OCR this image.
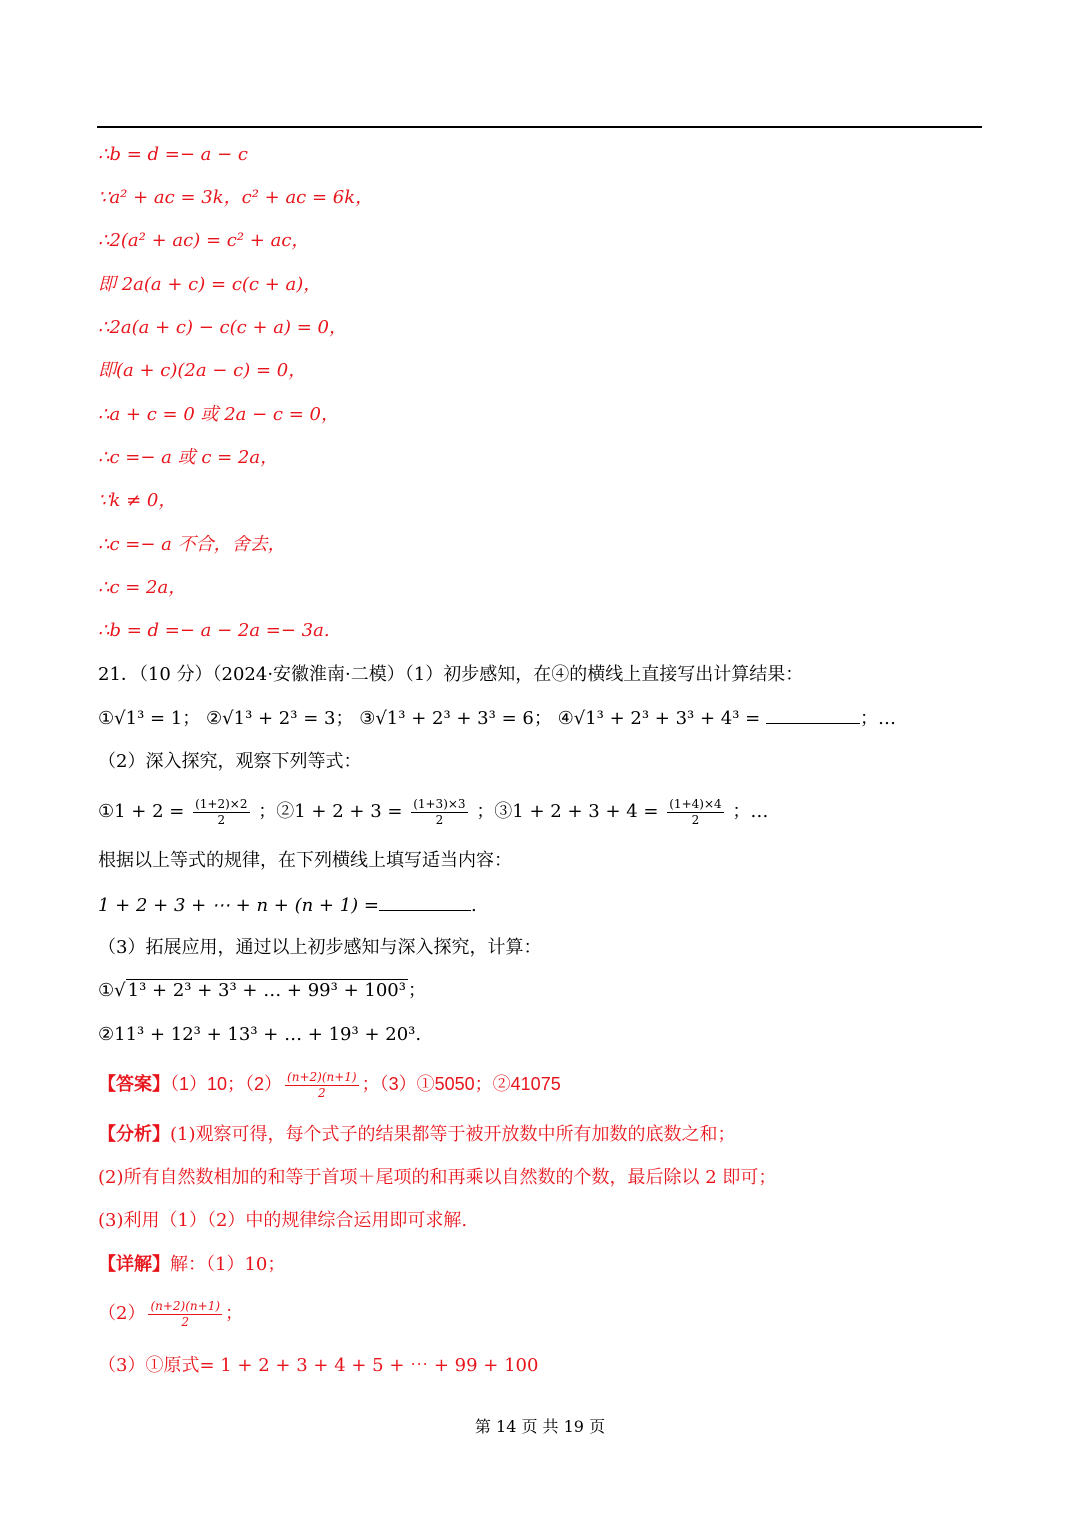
∴b = d =− a − c
∵a² + ac = 3k，c² + ac = 6k，
∴2(a² + ac) = c² + ac，
即 2a(a + c) = c(c + a)，
∴2a(a + c) − c(c + a) = 0，
即(a + c)(2a − c) = 0，
∴a + c = 0 或 2a − c = 0，
∴c =− a 或 c = 2a，
∵k ≠ 0，
∴c =− a 不合，舍去，
∴c = 2a，
∴b = d =− a − 2a =− 3a.
21．（10 分）（2024·安徽淮南·二模）（1）初步感知，在④的横线上直接写出计算结果：
①√1³ = 1； ②√1³ + 2³ = 3； ③√1³ + 2³ + 3³ = 6； ④√1³ + 2³ + 3³ + 4³ =	；…
（2）深入探究，观察下列等式：
①1 + $2 = \frac{(1+2)\times 2}{2}$ ；②1 + $2 + 3 = \frac{(1+3)\times 3}{2}$ ；③1 + $2 + 3 + 4 = \frac{(1+4)\times 4}{2}$ ；…
根据以上等式的规律，在下列横线上填写适当内容：
1 + 2 + 3 + ⋯ + n + (n + 1) =	.
（3）拓展应用，通过以上初步感知与深入探究，计算：
①√ 1³ + 2³ + 3³ + … + 99³ + 100³ ；
②11³ + 12³ + 13³ + … + 19³ + 20³.
【答案】（1）10；$(2) \frac{(n+2)(n+1)}{2}$ ；（3）①5050；②41075
【分析】(1)观察可得，每个式子的结果都等于被开放数中所有加数的底数之和；
(2)所有自然数相加的和等于首项＋尾项的和再乘以自然数的个数，最后除以 2 即可；
(3)利用（1）（2）中的规律综合运用即可求解.
【详解】解：（1）10；
$(2) \frac{(n+2)(n+1)}{2}$ ；
（3）①原式= 1 + 2 + 3 + 4 + 5 + ⋯ + 99 + 100
第 14 页 共 19 页
